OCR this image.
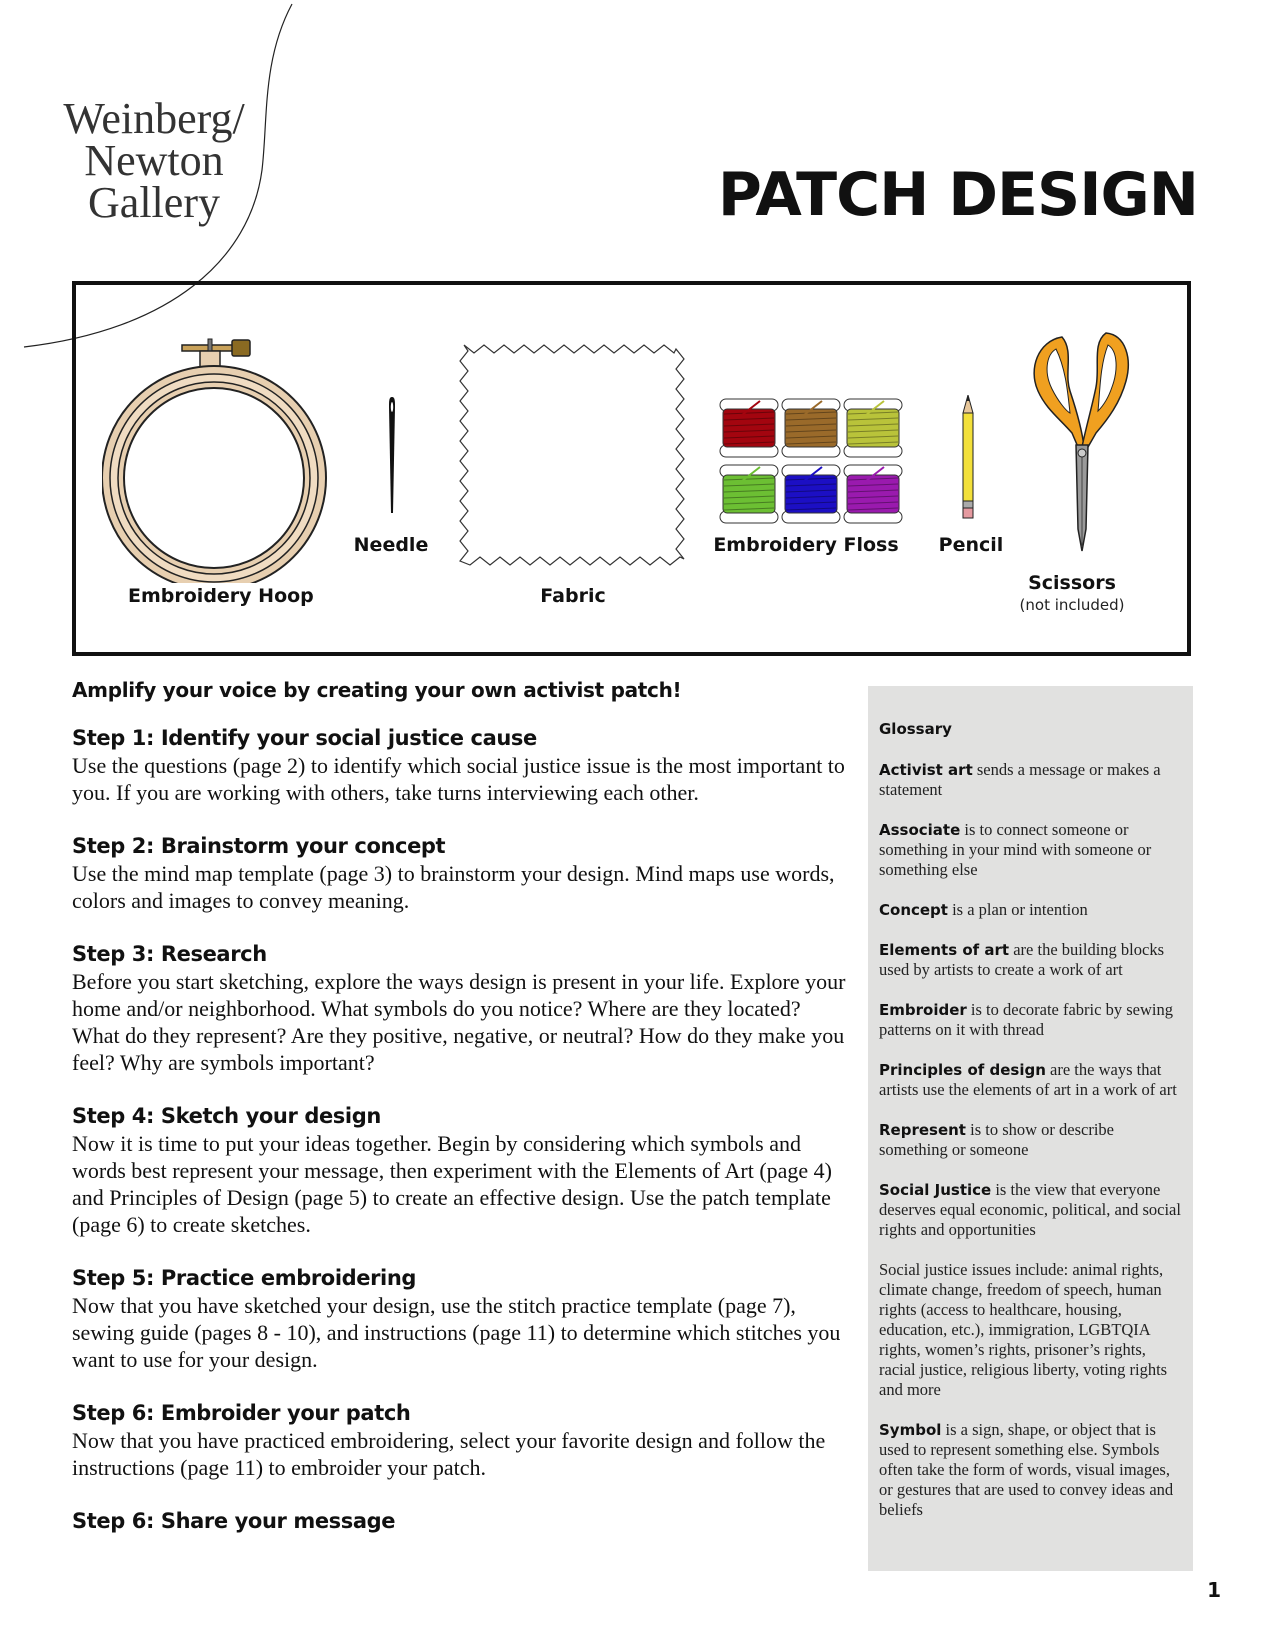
Weinberg/
Newton
Gallery	PATCH DESIGN
Embroidery Hoop
Needle
Fabric
Embroidery Floss	Pencil
Scissors
(not included)

Amplify your voice by creating your own activist patch!

Step 1: Identify your social justice cause

Use the questions (page 2) to identify which social justice issue is the most important to you. If you are working with others, take turns interviewing each other.

Step 2: Brainstorm your concept

Use the mind map template (page 3) to brainstorm your design. Mind maps use words, colors and images to convey meaning.

Step 3: Research

Before you start sketching, explore the ways design is present in your life. Explore your home and/or neighborhood. What symbols do you notice? Where are they located? What do they represent? Are they positive, negative, or neutral? How do they make you feel? Why are symbols important?

Step 4: Sketch your design

Now it is time to put your ideas together. Begin by considering which symbols and words best represent your message, then experiment with the Elements of Art (page 4) and Principles of Design (page 5) to create an effective design. Use the patch template (page 6) to create sketches.

Step 5: Practice embroidering

Now that you have sketched your design, use the stitch practice template (page 7), sewing guide (pages 8 - 10), and instructions (page 11) to determine which stitches you want to use for your design.

Step 6: Embroider your patch

Now that you have practiced embroidering, select your favorite design and follow the instructions (page 11) to embroider your patch.

Step 6: Share your message
Glossary
Activist art sends a message or makes a statement
Associate is to connect someone or something in your mind with someone or something else
Concept is a plan or intention
Elements of art are the building blocks used by artists to create a work of art
Embroider is to decorate fabric by sewing patterns on it with thread
Principles of design are the ways that artists use the elements of art in a work of art
Represent is to show or describe something or someone
Social Justice is the view that everyone deserves equal economic, political, and social rights and opportunities
Social justice issues include: animal rights, climate change, freedom of speech, human rights (access to healthcare, housing, education, etc.), immigration, LGBTQIA rights, women’s rights, prisoner’s rights, racial justice, religious liberty, voting rights and more
Symbol is a sign, shape, or object that is used to represent something else. Symbols often take the form of words, visual images, or gestures that are used to convey ideas and beliefs
1
